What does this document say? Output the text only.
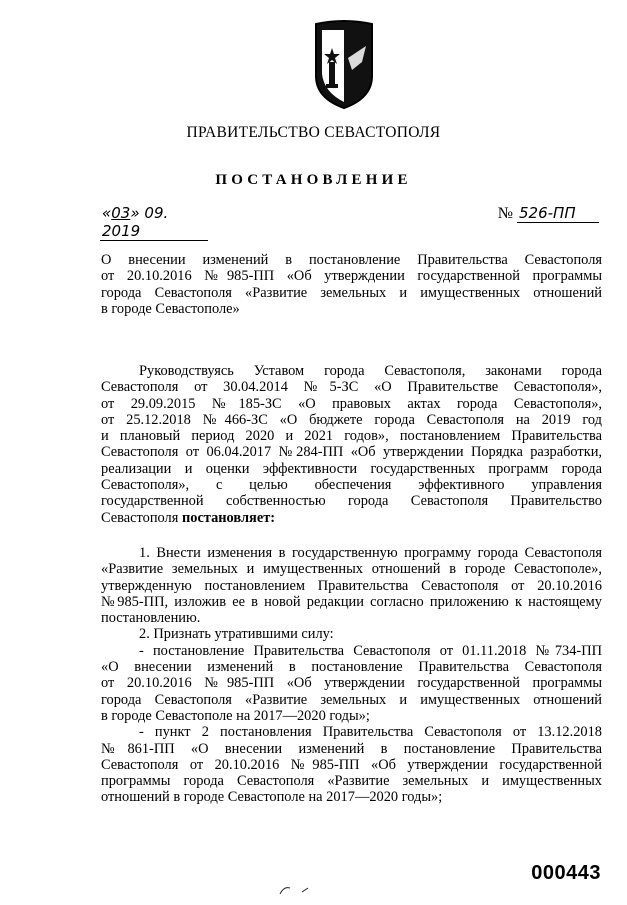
ПРАВИТЕЛЬСТВО СЕВАСТОПОЛЯ
ПОСТАНОВЛЕНИЕ
«03» 09. 2019
№ 526-ПП
О внесении изменений в постановление Правительства Севастополя
от 20.10.2016 №985-ПП «Об утверждении государственной программы
города Севастополя «Развитие земельных и имущественных отношений
в городе Севастополе»
Руководствуясь Уставом города Севастополя, законами города
Севастополя от 30.04.2014 №5-ЗС «О Правительстве Севастополя»,
от 29.09.2015 №185-ЗС «О правовых актах города Севастополя»,
от 25.12.2018 №466-ЗС «О бюджете города Севастополя на 2019 год
и плановый период 2020 и 2021 годов», постановлением Правительства
Севастополя от 06.04.2017 №284-ПП «Об утверждении Порядка разработки,
реализации и оценки эффективности государственных программ города
Севастополя», с целью обеспечения эффективного управления
государственной собственностью города Севастополя Правительство
Севастополя постановляет:
1. Внести изменения в государственную программу города Севастополя
«Развитие земельных и имущественных отношений в городе Севастополе»,
утвержденную постановлением Правительства Севастополя от 20.10.2016
№985-ПП, изложив ее в новой редакции согласно приложению к настоящему
постановлению.
2. Признать утратившими силу:
- постановление Правительства Севастополя от 01.11.2018 №734-ПП
«О внесении изменений в постановление Правительства Севастополя
от 20.10.2016 №985-ПП «Об утверждении государственной программы
города Севастополя «Развитие земельных и имущественных отношений
в городе Севастополе на 2017—2020 годы»;
- пункт 2 постановления Правительства Севастополя от 13.12.2018
№861-ПП «О внесении изменений в постановление Правительства
Севастополя от 20.10.2016 №985-ПП «Об утверждении государственной
программы города Севастополя «Развитие земельных и имущественных
отношений в городе Севастополе на 2017—2020 годы»;
000443
